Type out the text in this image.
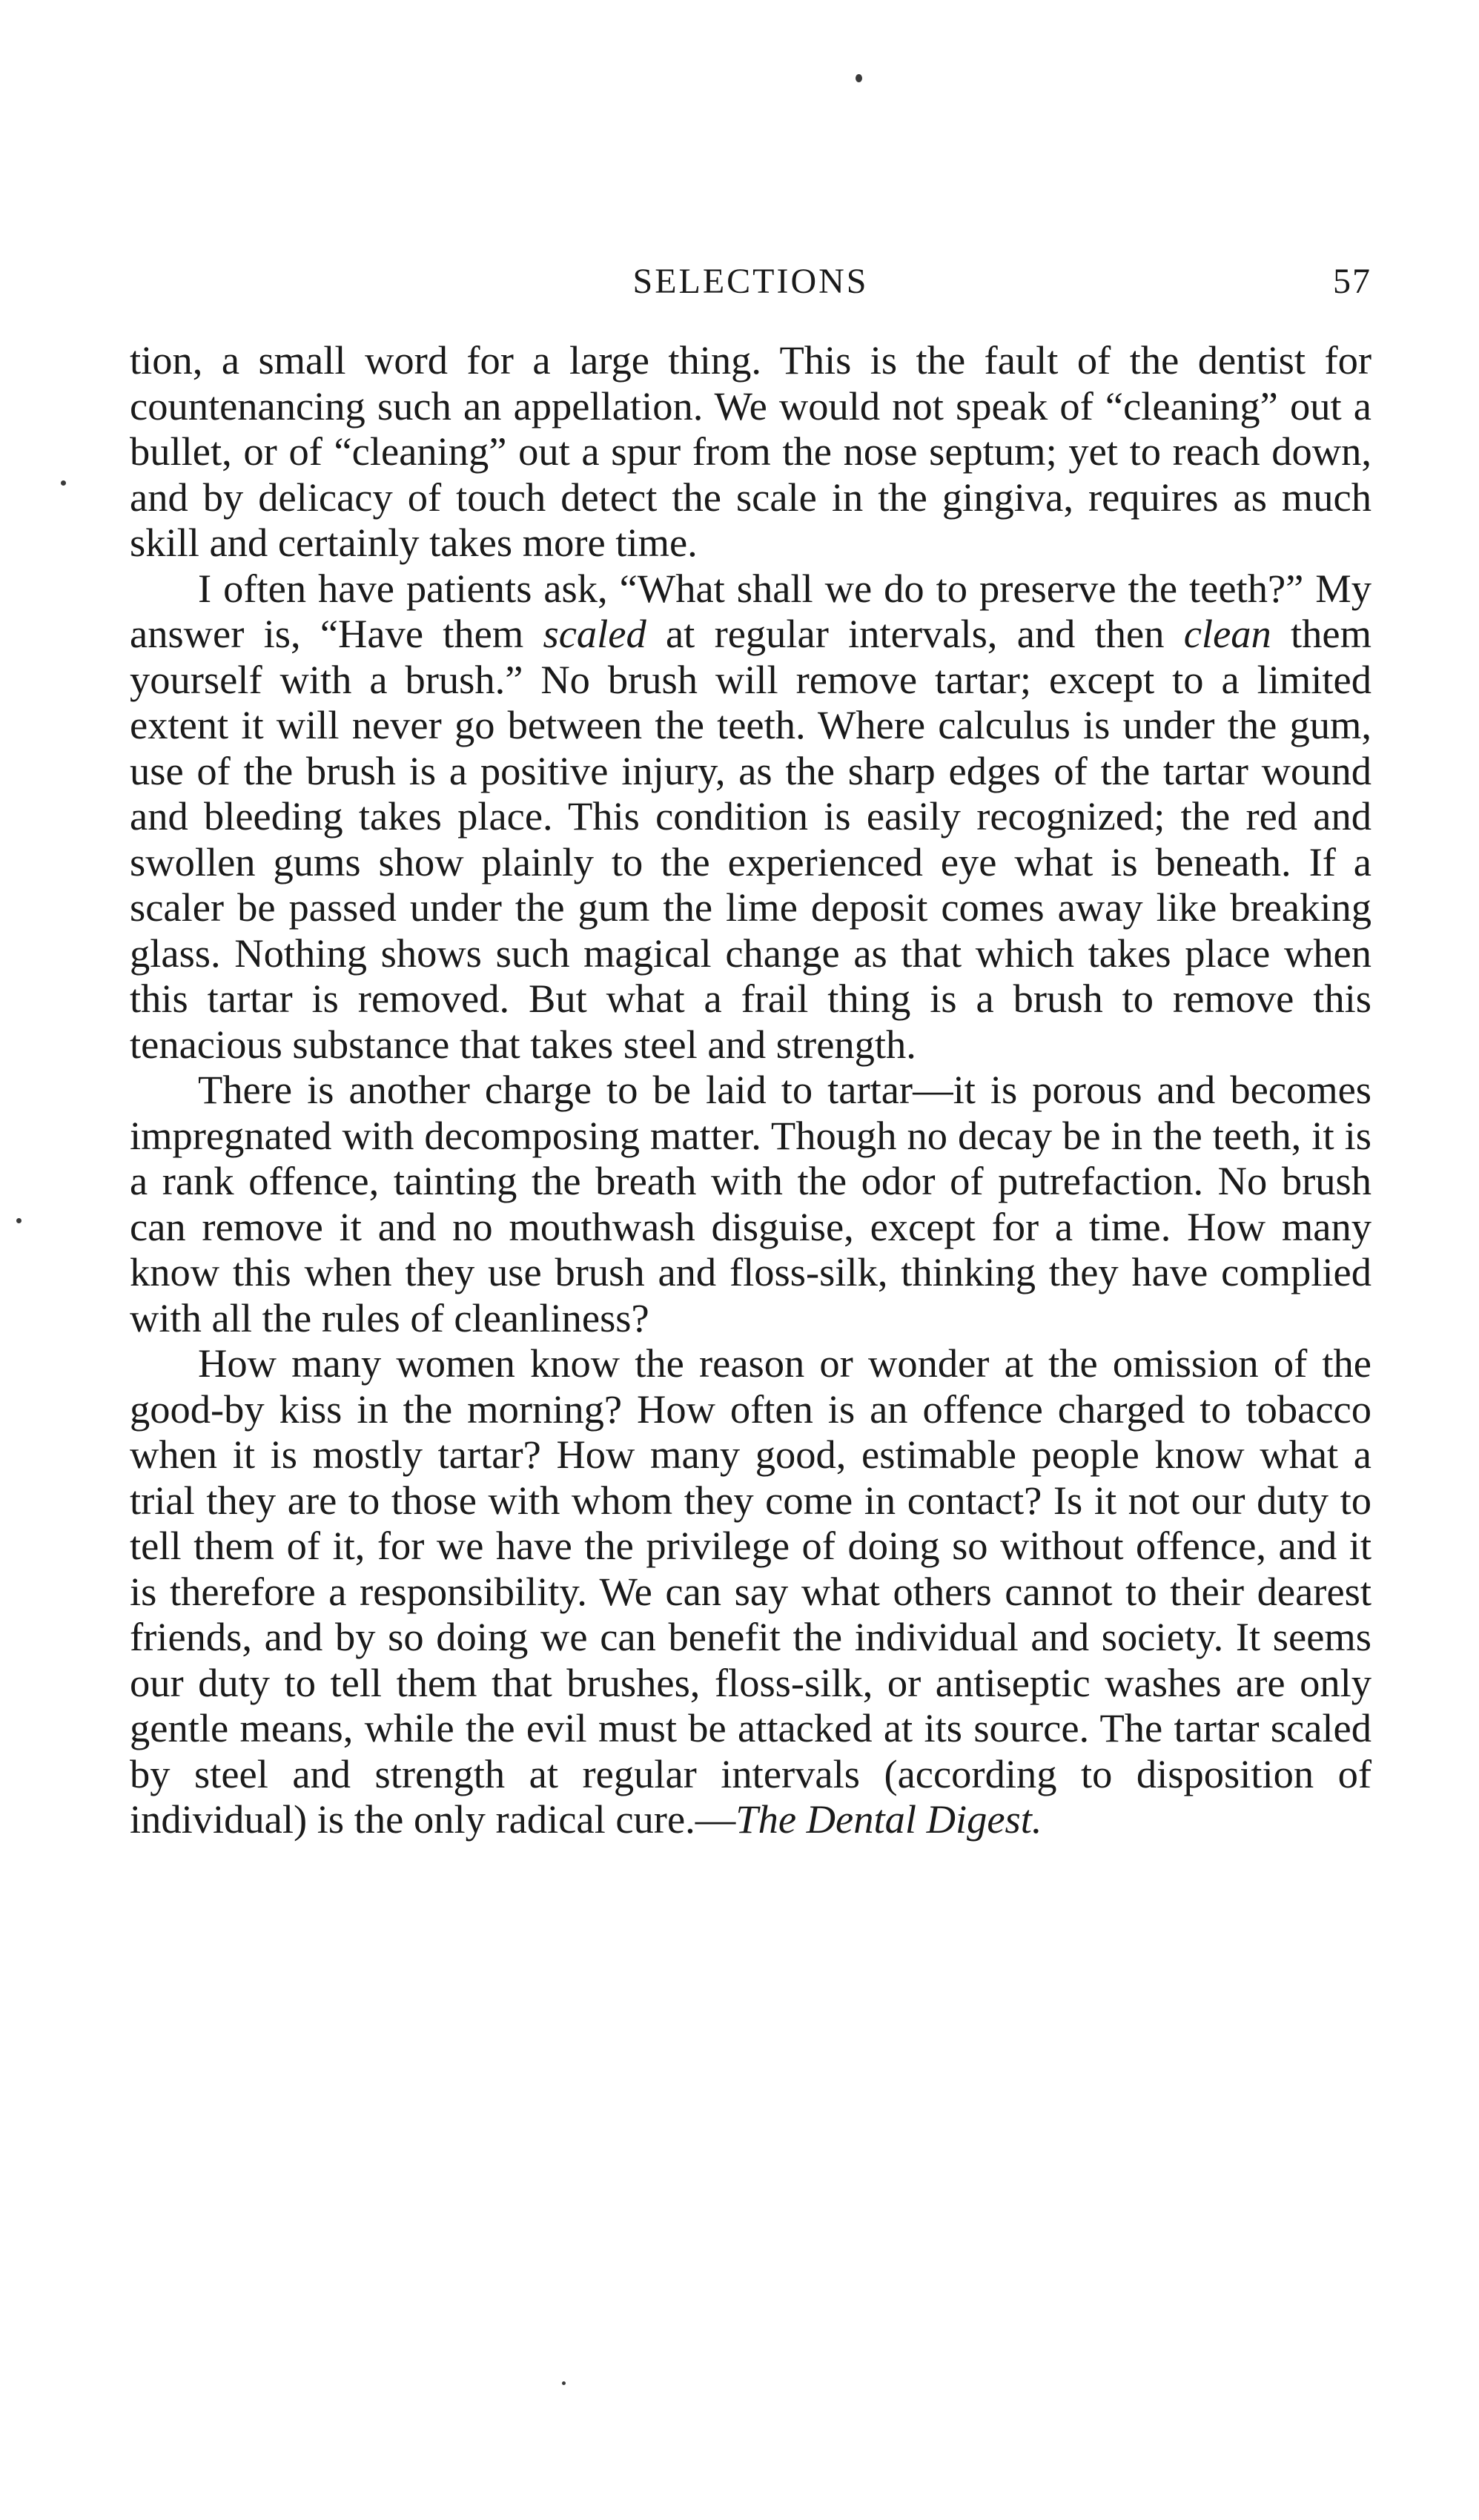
SELECTIONS	57

tion, a small word for a large thing. This is the fault of the dentist for countenancing such an appellation. We would not speak of “cleaning” out a bullet, or of “cleaning” out a spur from the nose septum; yet to reach down, and by delicacy of touch detect the scale in the gingiva, requires as much skill and certainly takes more time.

I often have patients ask, “What shall we do to preserve the teeth?” My answer is, “Have them scaled at regular intervals, and then clean them yourself with a brush.” No brush will remove tartar; except to a limited extent it will never go between the teeth. Where calculus is under the gum, use of the brush is a positive injury, as the sharp edges of the tartar wound and bleeding takes place. This condition is easily recognized; the red and swollen gums show plainly to the experienced eye what is beneath. If a scaler be passed under the gum the lime deposit comes away like breaking glass. Nothing shows such magical change as that which takes place when this tartar is removed. But what a frail thing is a brush to remove this tenacious substance that takes steel and strength.

There is another charge to be laid to tartar—it is porous and becomes impregnated with decomposing matter. Though no decay be in the teeth, it is a rank offence, tainting the breath with the odor of putrefaction. No brush can remove it and no mouthwash disguise, except for a time. How many know this when they use brush and floss-silk, thinking they have complied with all the rules of cleanliness?

How many women know the reason or wonder at the omission of the good-by kiss in the morning? How often is an offence charged to tobacco when it is mostly tartar? How many good, estimable people know what a trial they are to those with whom they come in contact? Is it not our duty to tell them of it, for we have the privilege of doing so without offence, and it is therefore a responsibility. We can say what others cannot to their dearest friends, and by so doing we can benefit the individual and society. It seems our duty to tell them that brushes, floss-silk, or antiseptic washes are only gentle means, while the evil must be attacked at its source. The tartar scaled by steel and strength at regular intervals (according to disposition of individual) is the only radical cure.—The Dental Digest.
